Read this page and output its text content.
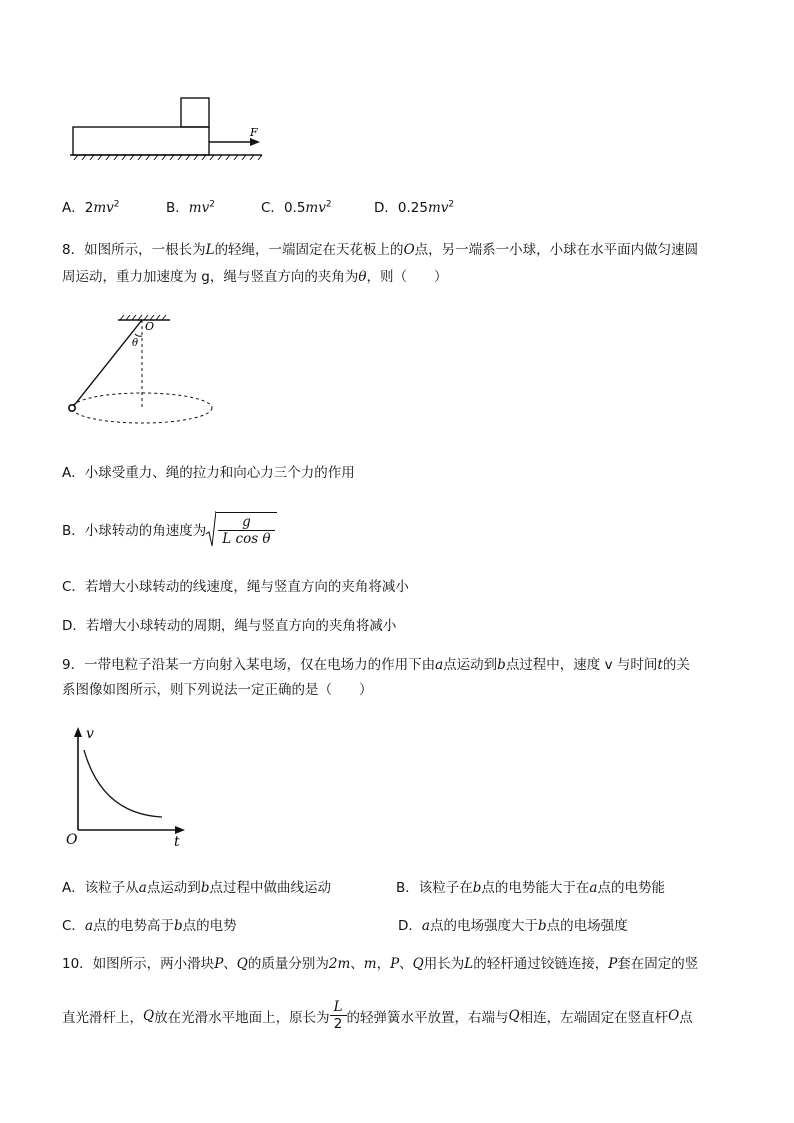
F
A．$2mv^2$	B．$mv^2$	C．$0.5mv^2$	D．$0.25mv^2$
8．如图所示，一根长为L的轻绳，一端固定在天花板上的O点，另一端系一小球，小球在水平面内做匀速圆
周运动，重力加速度为 g，绳与竖直方向的夹角为θ，则（　　）
O
θ
A．小球受重力、绳的拉力和向心力三个力的作用
B．小球转动的角速度为 $\frac{g}{\text{L cos θ}}$
C．若增大小球转动的线速度，绳与竖直方向的夹角将减小
D．若增大小球转动的周期，绳与竖直方向的夹角将减小
9．一带电粒子沿某一方向射入某电场，仅在电场力的作用下由a点运动到b点过程中，速度 v 与时间t的关
系图像如图所示，则下列说法一定正确的是（　　）
v
O	t
A．该粒子从a点运动到b点过程中做曲线运动	B．该粒子在b点的电势能大于在a点的电势能
C．a点的电势高于b点的电势	D．a点的电场强度大于b点的电场强度
10．如图所示，两小滑块P、Q的质量分别为2m、m，P、Q用长为L的轻杆通过铰链连接，P套在固定的竖
直光滑杆上， Q 放在光滑水平地面上，原长为 $\frac{L}{2}$ 的轻弹簧水平放置，右端与 Q 相连，左端固定在竖直杆 O 点
